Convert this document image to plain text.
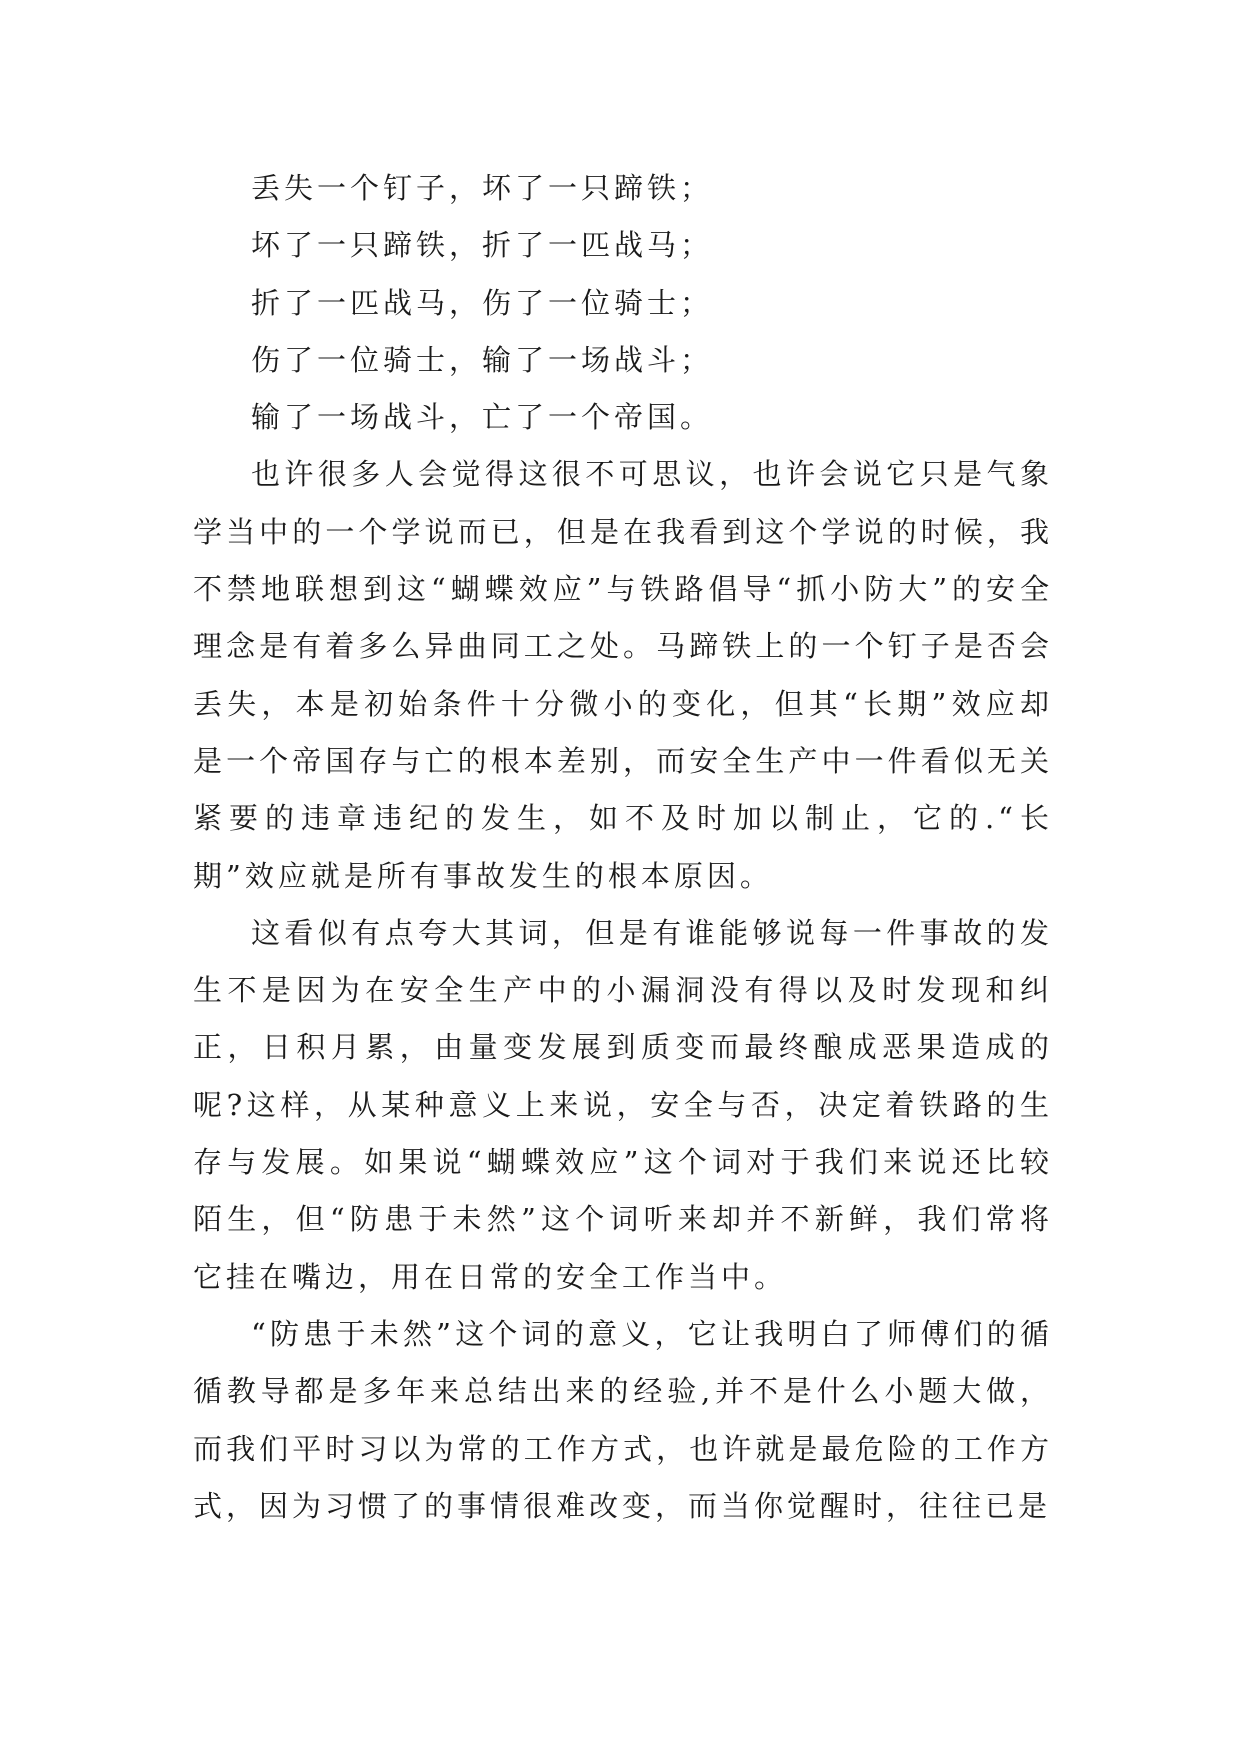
丢失一个钉子，坏了一只蹄铁；

坏了一只蹄铁，折了一匹战马；

折了一匹战马，伤了一位骑士；

伤了一位骑士，输了一场战斗；

输了一场战斗，亡了一个帝国。

也许很多人会觉得这很不可思议，也许会说它只是气象学当中的一个学说而已，但是在我看到这个学说的时候，我不禁地联想到这“蝴蝶效应”与铁路倡导“抓小防大”的安全理念是有着多么异曲同工之处。马蹄铁上的一个钉子是否会丢失，本是初始条件十分微小的变化，但其“长期”效应却是一个帝国存与亡的根本差别，而安全生产中一件看似无关紧要的违章违纪的发生，如不及时加以制止，它的.“长期”效应就是所有事故发生的根本原因。

这看似有点夸大其词，但是有谁能够说每一件事故的发生不是因为在安全生产中的小漏洞没有得以及时发现和纠正，日积月累，由量变发展到质变而最终酿成恶果造成的呢?这样，从某种意义上来说，安全与否，决定着铁路的生存与发展。如果说“蝴蝶效应”这个词对于我们来说还比较陌生，但“防患于未然”这个词听来却并不新鲜，我们常将它挂在嘴边，用在日常的安全工作当中。

“防患于未然”这个词的意义，它让我明白了师傅们的循循教导都是多年来总结出来的经验,并不是什么小题大做，而我们平时习以为常的工作方式，也许就是最危险的工作方式，因为习惯了的事情很难改变，而当你觉醒时，往往已是
